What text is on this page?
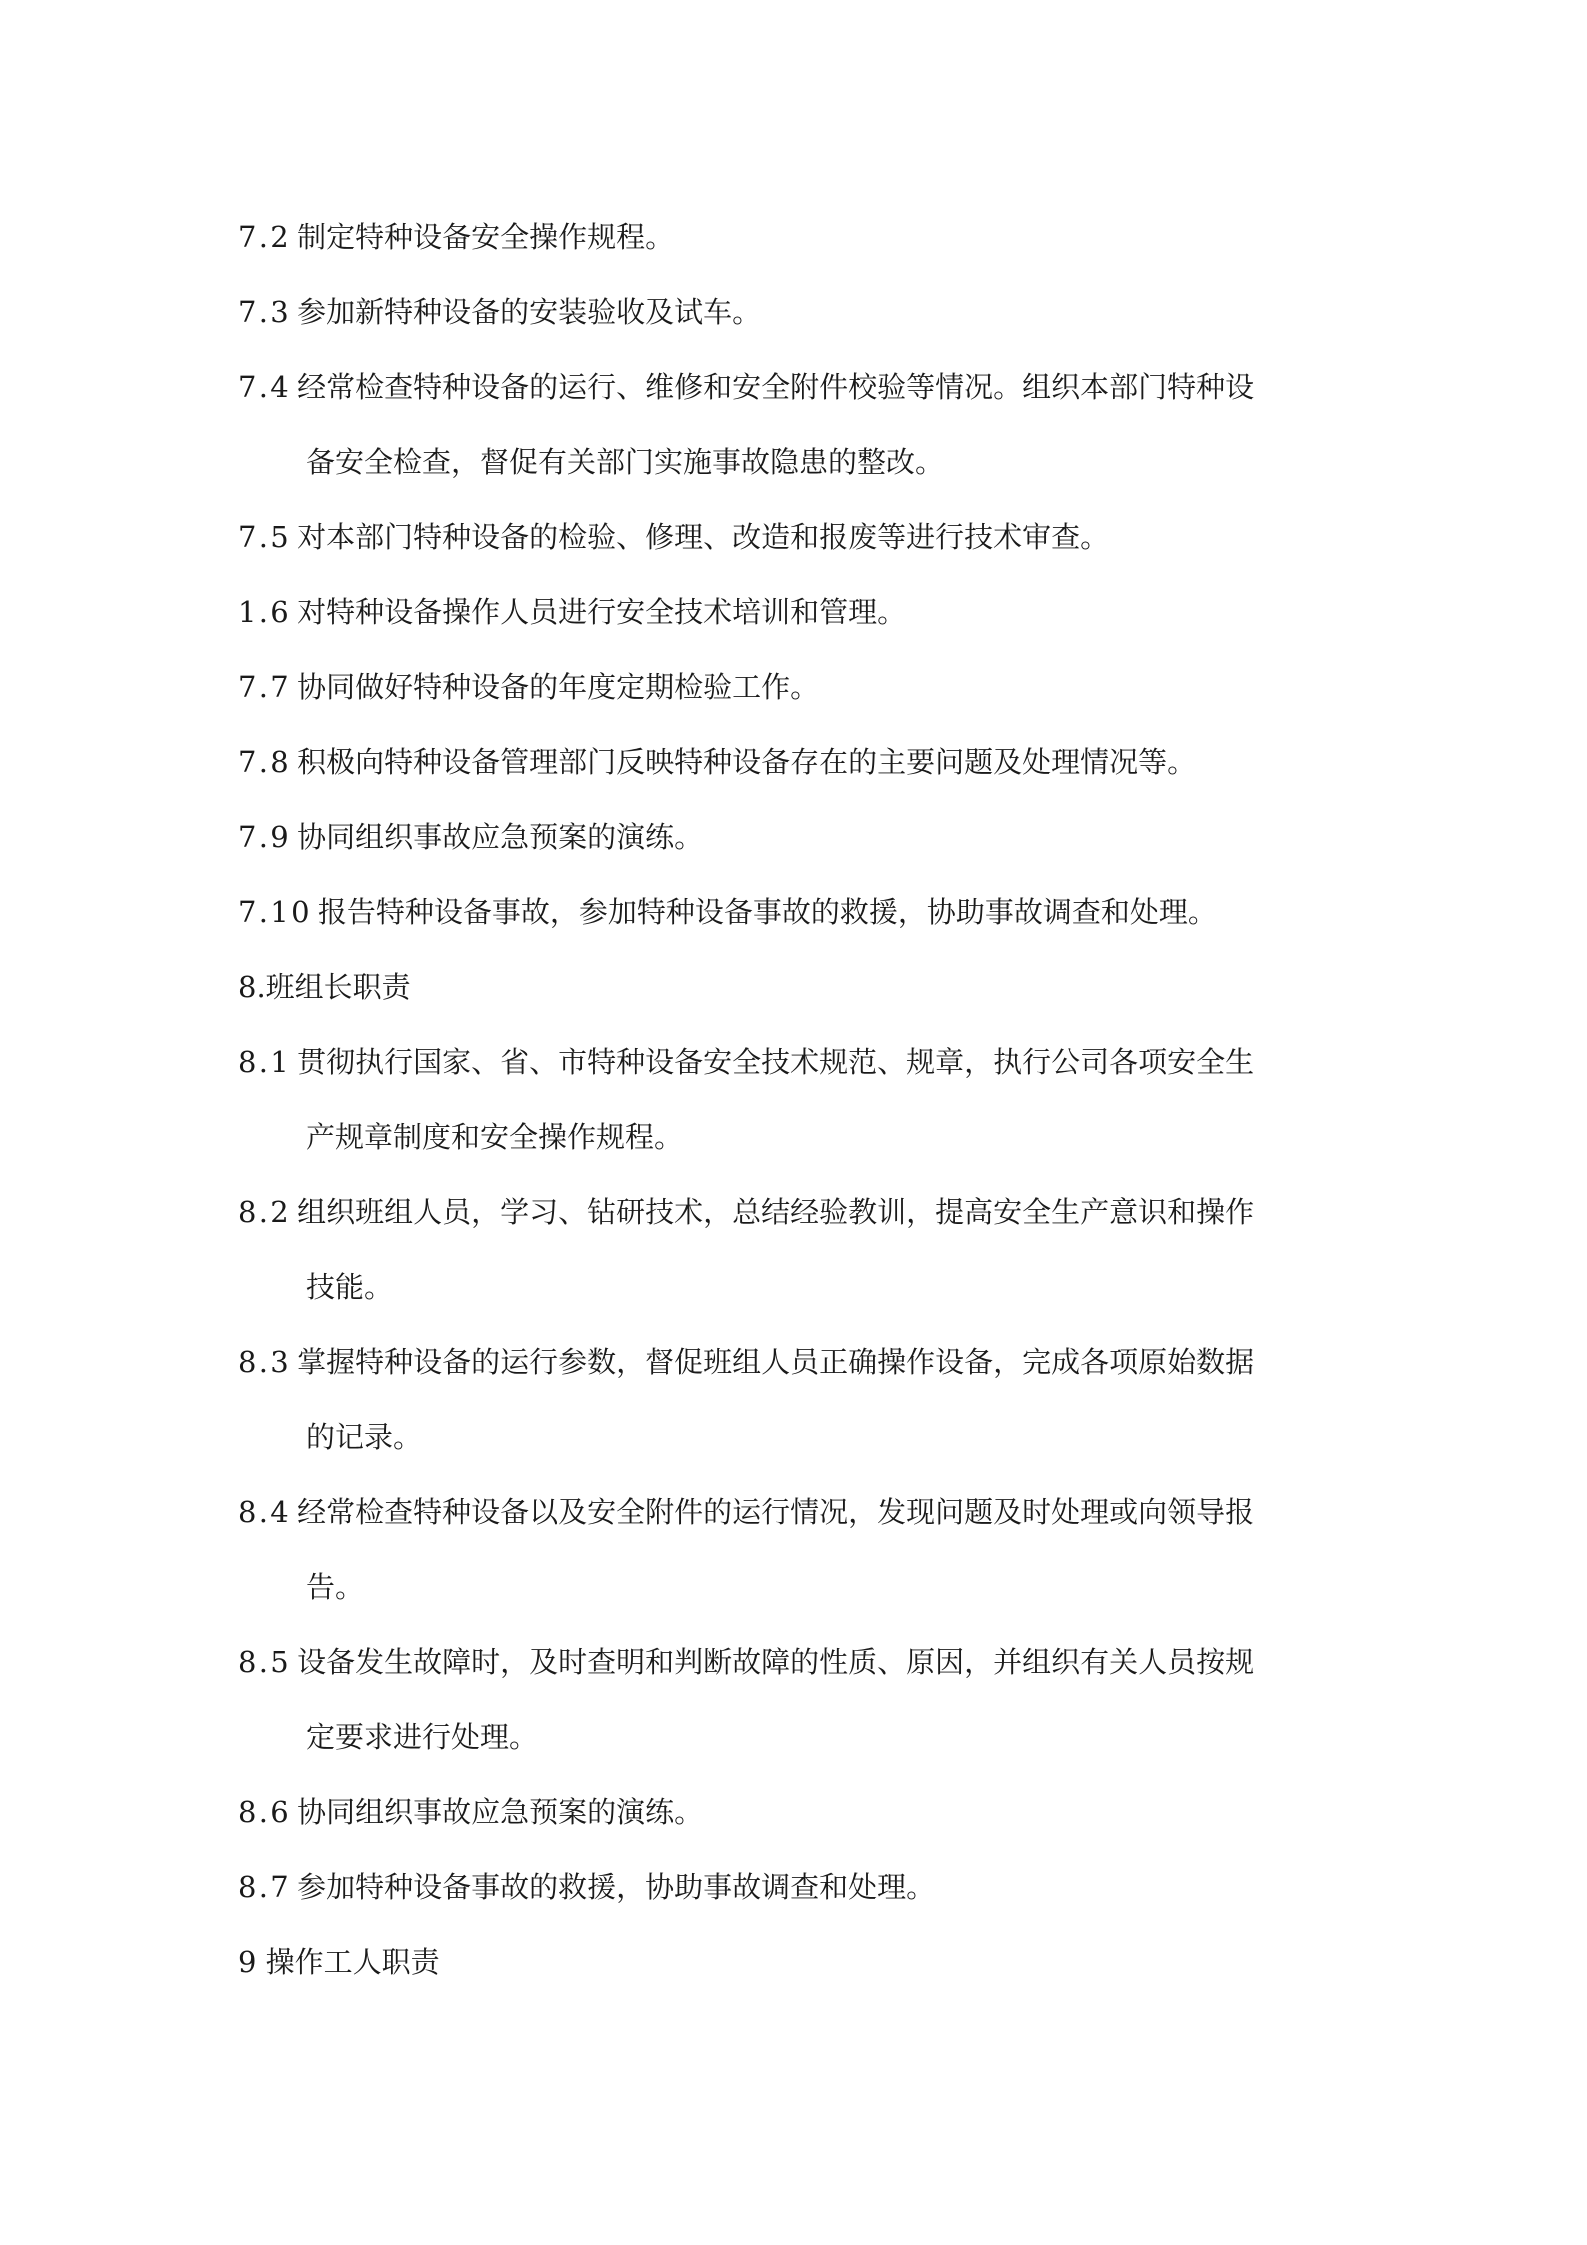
7.2 制定特种设备安全操作规程。
7.3 参加新特种设备的安装验收及试车。
7.4 经常检查特种设备的运行、维修和安全附件校验等情况。组织本部门特种设
备安全检查，督促有关部门实施事故隐患的整改。
7.5 对本部门特种设备的检验、修理、改造和报废等进行技术审查。
1.6 对特种设备操作人员进行安全技术培训和管理。
7.7 协同做好特种设备的年度定期检验工作。
7.8 积极向特种设备管理部门反映特种设备存在的主要问题及处理情况等。
7.9 协同组织事故应急预案的演练。
7.10 报告特种设备事故，参加特种设备事故的救援，协助事故调查和处理。
8.班组长职责
8.1 贯彻执行国家、省、市特种设备安全技术规范、规章，执行公司各项安全生
产规章制度和安全操作规程。
8.2 组织班组人员，学习、钻研技术，总结经验教训，提高安全生产意识和操作
技能。
8.3 掌握特种设备的运行参数，督促班组人员正确操作设备，完成各项原始数据
的记录。
8.4 经常检查特种设备以及安全附件的运行情况，发现问题及时处理或向领导报
告。
8.5 设备发生故障时，及时查明和判断故障的性质、原因，并组织有关人员按规
定要求进行处理。
8.6 协同组织事故应急预案的演练。
8.7 参加特种设备事故的救援，协助事故调查和处理。
9 操作工人职责
